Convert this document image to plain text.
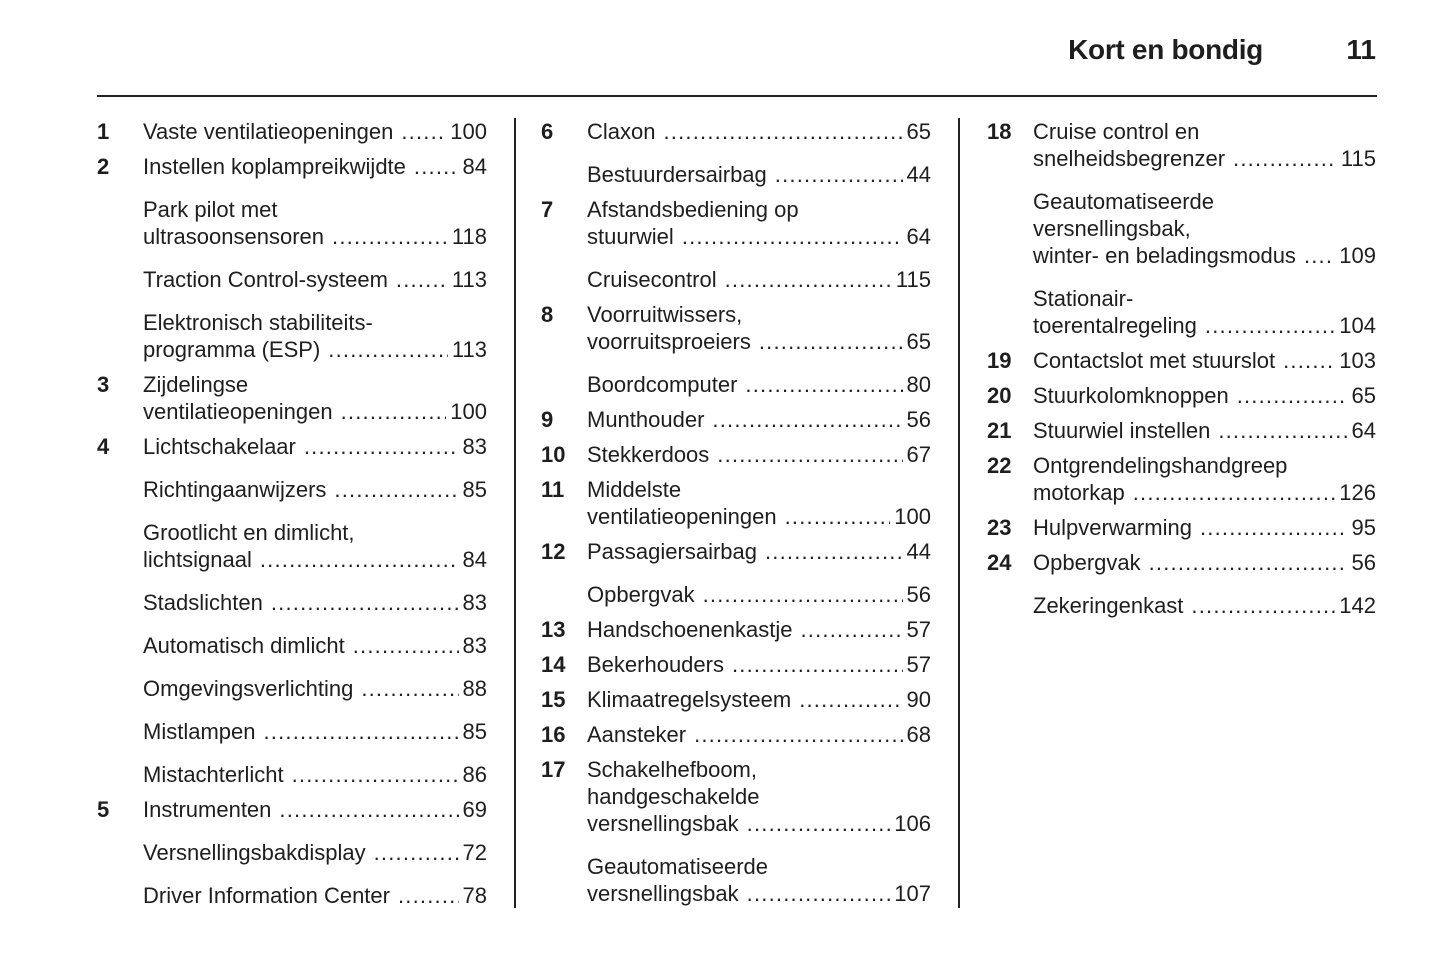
Kort en bondig	11
1 Vaste ventilatieopeningen .....	100
2 Instellen koplampreikwijdte .....	84
Park pilot met
ultrasoonsensoren .....	118
Traction Control-systeem .....	113
Elektronisch stabiliteits-
programma (ESP) .....	113
3 Zijdelingse
ventilatieopeningen .....	100
4 Lichtschakelaar .....	83
Richtingaanwijzers .....	85
Grootlicht en dimlicht,
lichtsignaal .....	84
Stadslichten .....	83
Automatisch dimlicht .....	83
Omgevingsverlichting .....	88
Mistlampen .....	85
Mistachterlicht .....	86
5 Instrumenten .....	69
Versnellingsbakdisplay .....	72
Driver Information Center .....	78
6 Claxon .....	65
Bestuurdersairbag .....	44
7 Afstandsbediening op
stuurwiel .....	64
Cruisecontrol .....	115
8 Voorruitwissers,
voorruitsproeiers .....	65
Boordcomputer .....	80
9 Munthouder .....	56
10 Stekkerdoos .....	67
11 Middelste
ventilatieopeningen .....	100
12 Passagiersairbag .....	44
Opbergvak .....	56
13 Handschoenenkastje .....	57
14 Bekerhouders .....	57
15 Klimaatregelsysteem .....	90
16 Aansteker .....	68
17 Schakelhefboom,
handgeschakelde
versnellingsbak .....	106
Geautomatiseerde
versnellingsbak .....	107
18 Cruise control en
snelheidsbegrenzer .....	115
Geautomatiseerde
versnellingsbak,
winter- en beladingsmodus ..... 109
Stationair-
toerentalregeling .....	104
19 Contactslot met stuurslot .....	103
20 Stuurkolomknoppen .....	65
21 Stuurwiel instellen .....	64
22 Ontgrendelingshandgreep
motorkap .....	126
23 Hulpverwarming .....	95
24 Opbergvak .....	56
Zekeringenkast .....	142
